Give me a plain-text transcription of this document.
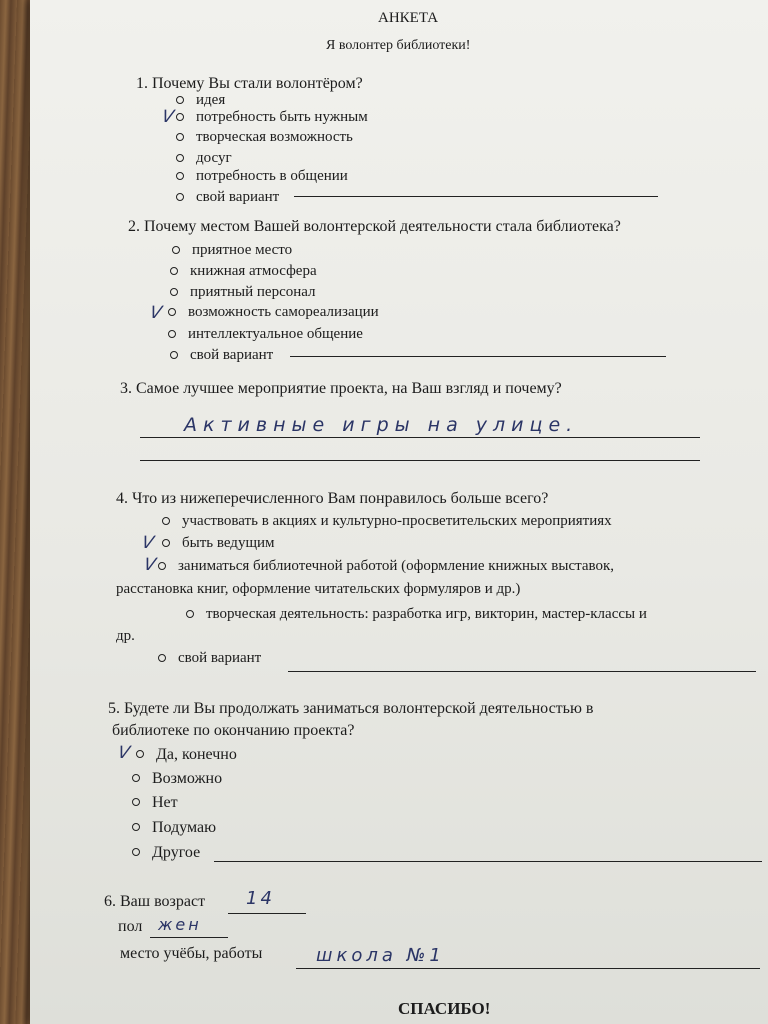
АНКЕТА
Я волонтер библиотеки!
1. Почему Вы стали волонтёром?
идея
потребность быть нужным
творческая возможность
досуг
потребность в общении
свой вариант
V
2. Почему местом Вашей волонтерской деятельности стала библиотека?
приятное место
книжная атмосфера
приятный персонал
возможность самореализации
интеллектуальное общение
свой вариант
V
3. Самое лучшее мероприятие проекта, на Ваш взгляд и почему?
Активные игры на улице.
4. Что из нижеперечисленного Вам понравилось больше всего?
участвовать в акциях и культурно-просветительских мероприятиях
быть ведущим
заниматься библиотечной работой (оформление книжных выставок,
расстановка книг, оформление читательских формуляров и др.)
творческая деятельность: разработка игр, викторин, мастер-классы и
др.
свой вариант
V
V
5. Будете ли Вы продолжать заниматься волонтерской деятельностью в
библиотеке по окончанию проекта?
Да, конечно
Возможно
Нет
Подумаю
Другое
V
6. Ваш возраст 14
пол жен
место учёбы, работы	школа №1
СПАСИБО!
